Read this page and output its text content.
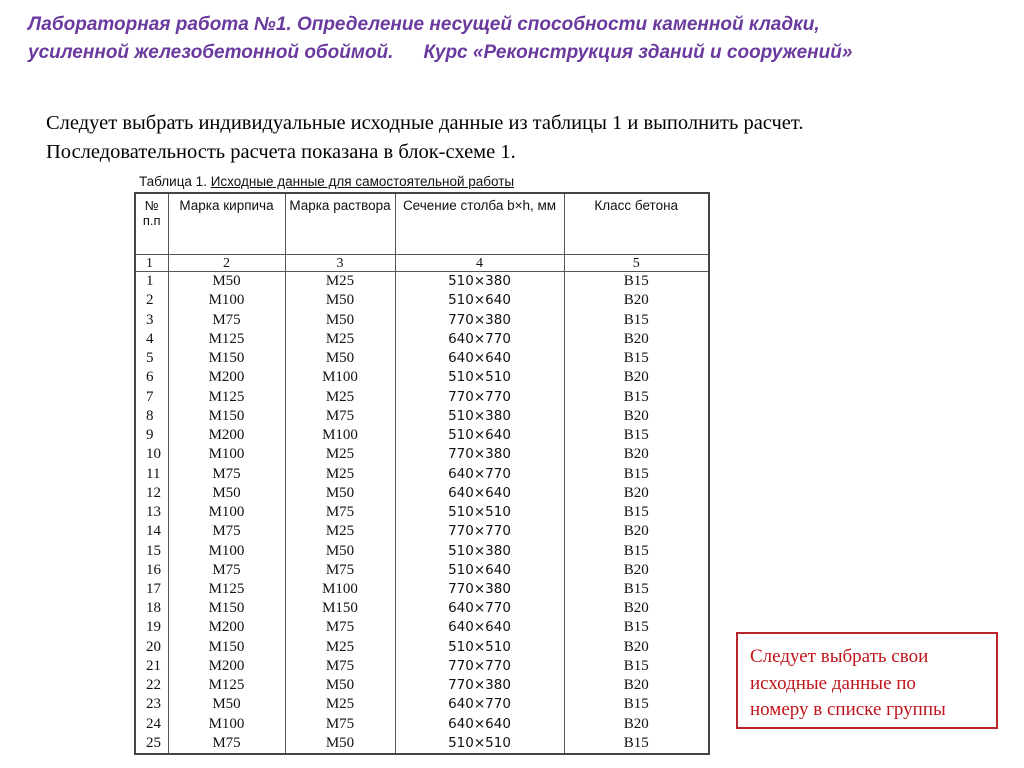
Лабораторная работа №1. Определение несущей способности каменной кладки,
усиленной железобетонной обоймой. Курс «Реконструкция зданий и сооружений»
Следует выбрать индивидуальные исходные данные из таблицы 1 и выполнить расчет.
Последовательность расчета показана в блок-схеме 1.
Таблица 1. Исходные данные для самостоятельной работы
№ п.п	Марка кирпича	Марка раствора	Сечение столба b×h, мм	Класс бетона
1	2	3	4	5
1	М50	М25	510×380	В15
2	М100	М50	510×640	В20
3	М75	М50	770×380	В15
4	М125	М25	640×770	В20
5	М150	М50	640×640	В15
6	М200	М100	510×510	В20
7	М125	М25	770×770	В15
8	М150	М75	510×380	В20
9	М200	М100	510×640	В15
10	М100	М25	770×380	В20
11	М75	М25	640×770	В15
12	М50	М50	640×640	В20
13	М100	М75	510×510	В15
14	М75	М25	770×770	В20
15	М100	М50	510×380	В15
16	М75	М75	510×640	В20
17	М125	М100	770×380	В15
18	М150	М150	640×770	В20
19	М200	М75	640×640	В15
20	М150	М25	510×510	В20
21	М200	М75	770×770	В15
22	М125	М50	770×380	В20
23	М50	М25	640×770	В15
24	М100	М75	640×640	В20
25	М75	М50	510×510	В15
Следует выбрать свои
исходные данные по
номеру в списке группы
